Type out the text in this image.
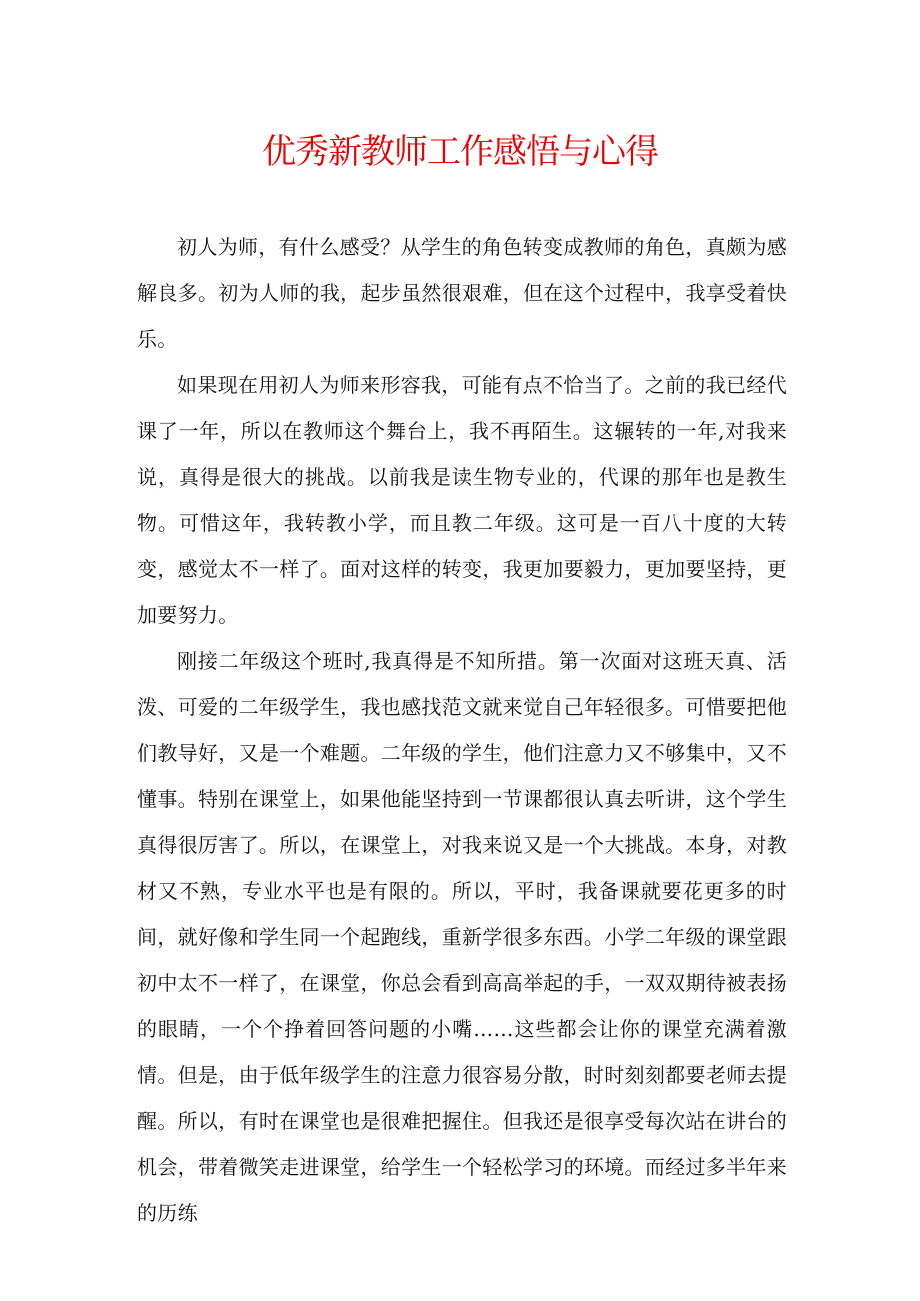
优秀新教师工作感悟与心得

初人为师，有什么感受？从学生的角色转变成教师的角色，真颇为感解良多。初为人师的我，起步虽然很艰难，但在这个过程中，我享受着快乐。

如果现在用初人为师来形容我，可能有点不恰当了。之前的我已经代课了一年，所以在教师这个舞台上，我不再陌生。这辗转的一年,对我来说，真得是很大的挑战。以前我是读生物专业的，代课的那年也是教生物。可惜这年，我转教小学，而且教二年级。这可是一百八十度的大转变，感觉太不一样了。面对这样的转变，我更加要毅力，更加要坚持，更加要努力。

刚接二年级这个班时,我真得是不知所措。第一次面对这班天真、活泼、可爱的二年级学生，我也感找范文就来觉自己年轻很多。可惜要把他们教导好，又是一个难题。二年级的学生，他们注意力又不够集中，又不懂事。特别在课堂上，如果他能坚持到一节课都很认真去听讲，这个学生真得很厉害了。所以，在课堂上，对我来说又是一个大挑战。本身，对教材又不熟，专业水平也是有限的。所以，平时，我备课就要花更多的时间，就好像和学生同一个起跑线，重新学很多东西。小学二年级的课堂跟初中太不一样了，在课堂，你总会看到高高举起的手，一双双期待被表扬的眼睛，一个个挣着回答问题的小嘴……这些都会让你的课堂充满着激情。但是，由于低年级学生的注意力很容易分散，时时刻刻都要老师去提醒。所以，有时在课堂也是很难把握住。但我还是很享受每次站在讲台的机会，带着微笑走进课堂，给学生一个轻松学习的环境。而经过多半年来的历练
